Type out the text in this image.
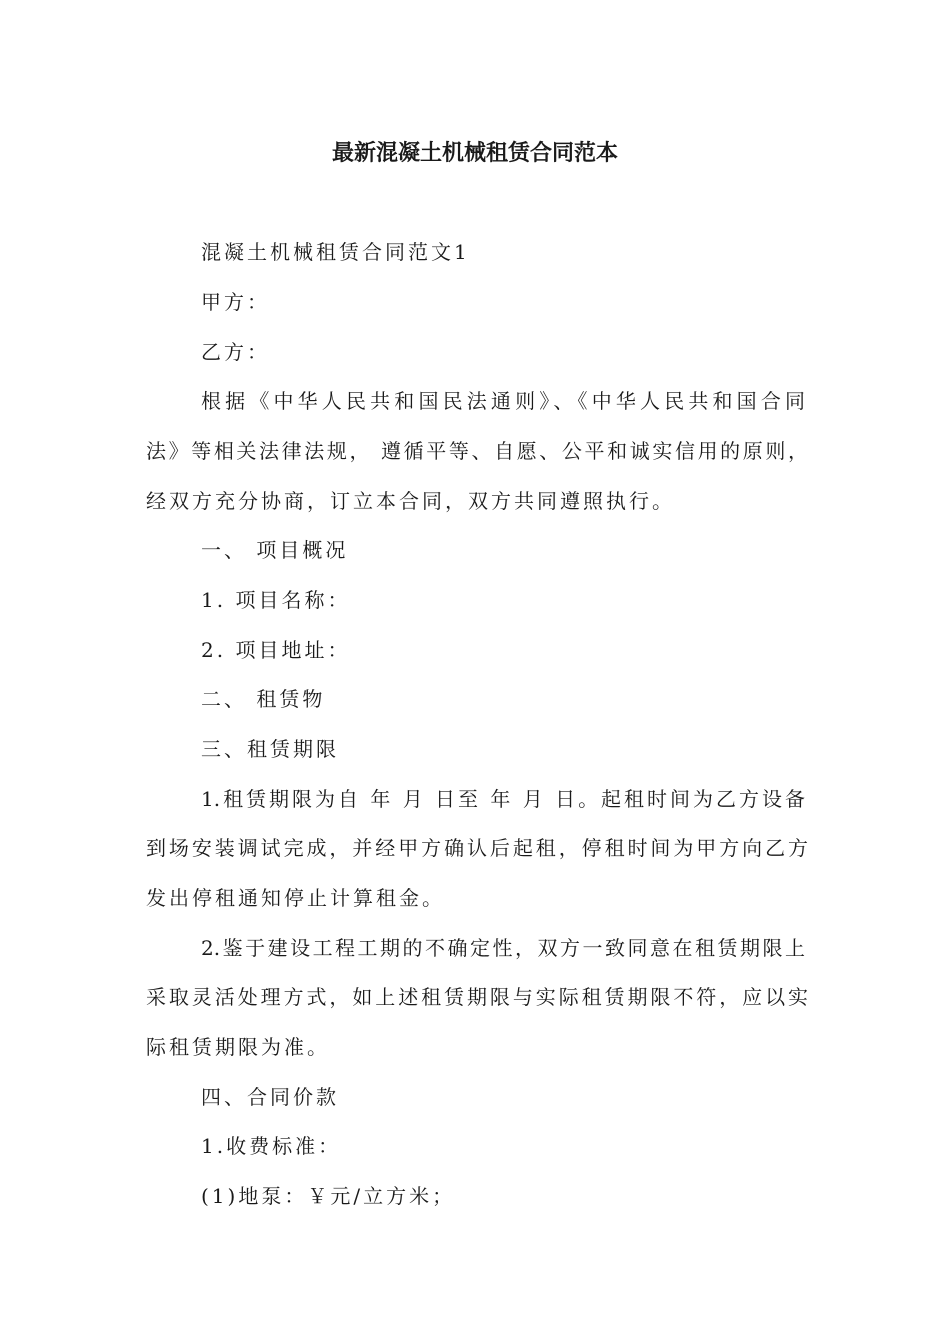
最新混凝土机械租赁合同范本
混凝土机械租赁合同范文1
甲方：
乙方：
根据《中华人民共和国民法通则》、《中华人民共和国合同
法》等相关法律法规， 遵循平等、自愿、公平和诚实信用的原则，
经双方充分协商，订立本合同，双方共同遵照执行。
一、 项目概况
1. 项目名称：
2. 项目地址：
二、 租赁物
三、租赁期限
1.租赁期限为自 年 月 日至 年 月 日。起租时间为乙方设备
到场安装调试完成，并经甲方确认后起租，停租时间为甲方向乙方
发出停租通知停止计算租金。
2.鉴于建设工程工期的不确定性，双方一致同意在租赁期限上
采取灵活处理方式，如上述租赁期限与实际租赁期限不符，应以实
际租赁期限为准。
四、合同价款
1.收费标准：
(1)地泵：￥元/立方米；
